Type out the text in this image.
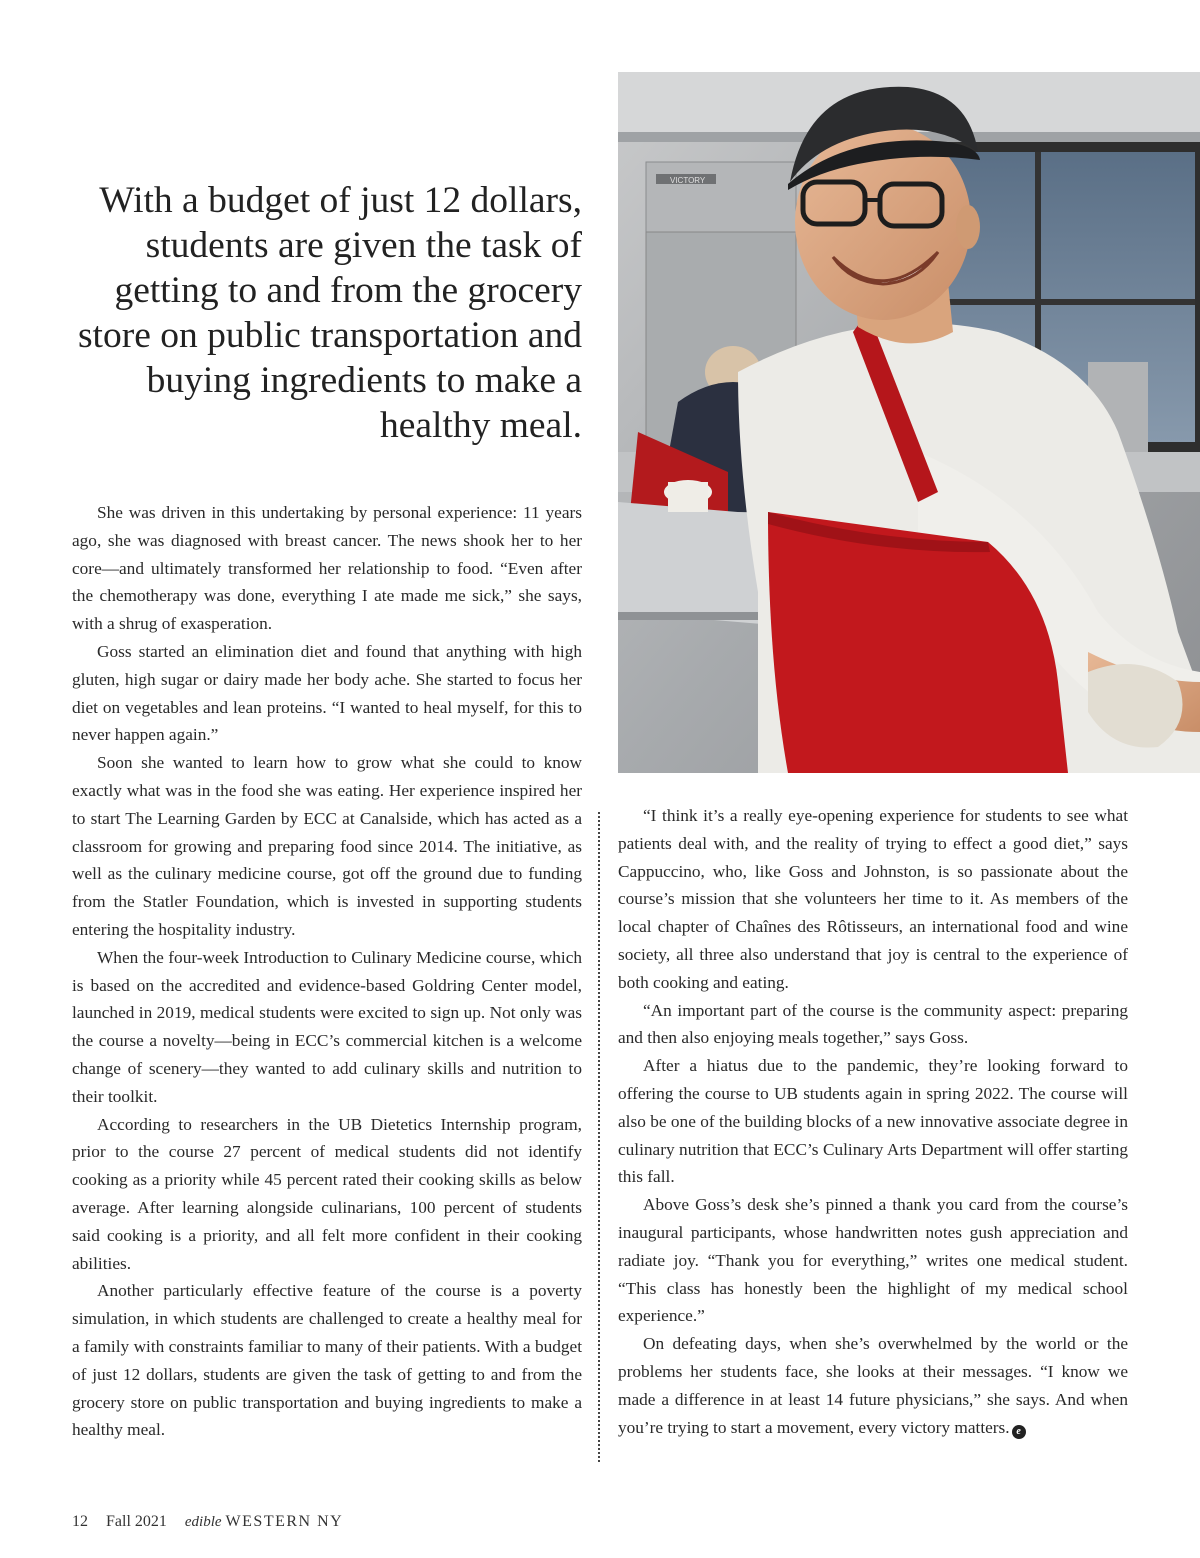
With a budget of just 12 dollars, students are given the task of getting to and from the grocery store on public transportation and buying ingredients to make a healthy meal.
VICTORY

She was driven in this undertaking by personal experience: 11 years ago, she was diagnosed with breast cancer. The news shook her to her core—and ultimately transformed her relationship to food. “Even after the chemotherapy was done, everything I ate made me sick,” she says, with a shrug of exasperation.

Goss started an elimination diet and found that anything with high gluten, high sugar or dairy made her body ache. She started to focus her diet on vegetables and lean proteins. “I wanted to heal myself, for this to never happen again.”

Soon she wanted to learn how to grow what she could to know exactly what was in the food she was eating. Her experience inspired her to start The Learning Garden by ECC at Canalside, which has acted as a classroom for growing and preparing food since 2014. The initiative, as well as the culinary medicine course, got off the ground due to funding from the Statler Foundation, which is invested in supporting students entering the hospitality industry.

When the four-week Introduction to Culinary Medicine course, which is based on the accredited and evidence-based Goldring Center model, launched in 2019, medical students were excited to sign up. Not only was the course a novelty—being in ECC’s commercial kitchen is a welcome change of scenery—they wanted to add culinary skills and nutrition to their toolkit.

According to researchers in the UB Dietetics Internship program, prior to the course 27 percent of medical students did not identify cooking as a priority while 45 percent rated their cooking skills as below average. After learning alongside culinarians, 100 percent of students said cooking is a priority, and all felt more confident in their cooking abilities.

Another particularly effective feature of the course is a poverty simulation, in which students are challenged to create a healthy meal for a family with constraints familiar to many of their patients. With a budget of just 12 dollars, students are given the task of getting to and from the grocery store on public transportation and buying ingredients to make a healthy meal.

“I think it’s a really eye-opening experience for students to see what patients deal with, and the reality of trying to effect a good diet,” says Cappuccino, who, like Goss and Johnston, is so passionate about the course’s mission that she volunteers her time to it. As members of the local chapter of Chaînes des Rôtisseurs, an international food and wine society, all three also understand that joy is central to the experience of both cooking and eating.

“An important part of the course is the community aspect: preparing and then also enjoying meals together,” says Goss.

After a hiatus due to the pandemic, they’re looking forward to offering the course to UB students again in spring 2022. The course will also be one of the building blocks of a new innovative associate degree in culinary nutrition that ECC’s Culinary Arts Department will offer starting this fall.

Above Goss’s desk she’s pinned a thank you card from the course’s inaugural participants, whose handwritten notes gush appreciation and radiate joy. “Thank you for everything,” writes one medical student. “This class has honestly been the highlight of my medical school experience.”

On defeating days, when she’s overwhelmed by the world or the problems her students face, she looks at their messages. “I know we made a difference in at least 14 future physicians,” she says. And when you’re trying to start a movement, every victory matters. e

12 Fall 2021 edible WESTERN NY
